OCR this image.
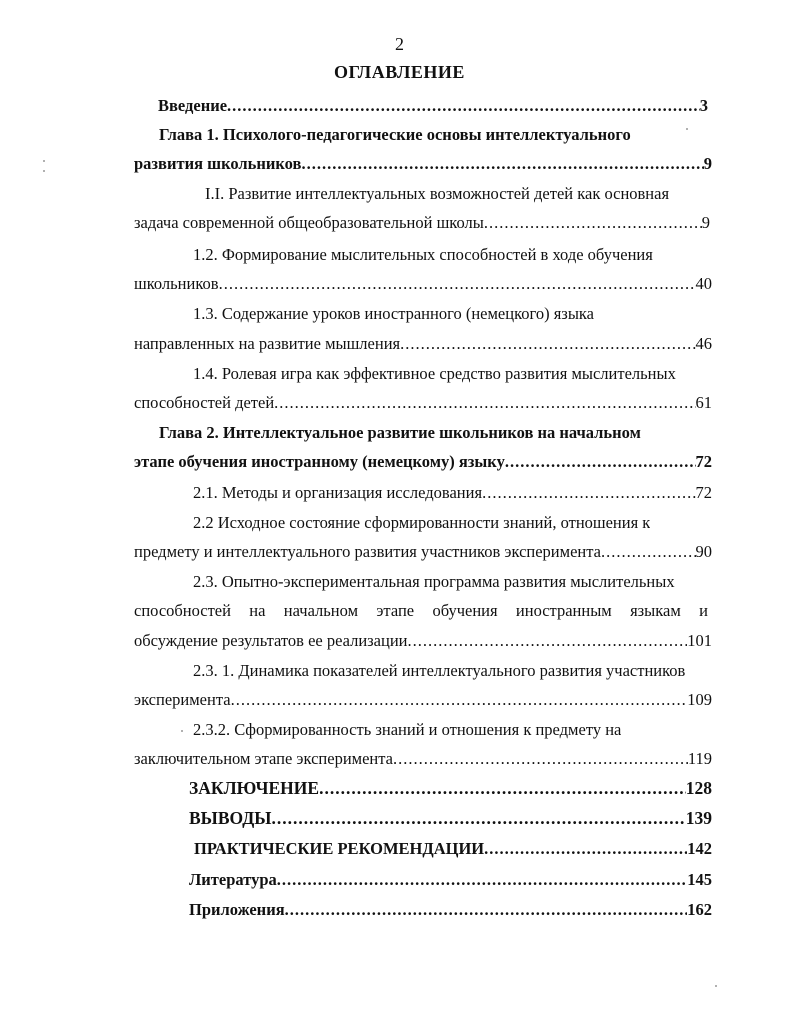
2
ОГЛАВЛЕНИЕ
Введение .....	3
Глава 1. Психолого-педагогические основы интеллектуального
развития школьников .....	9
I.I. Развитие интеллектуальных возможностей детей как основная
задача современной общеобразовательной школы .....	9
1.2. Формирование мыслительных способностей в ходе обучения
школьников .....	40
1.3. Содержание уроков иностранного (немецкого) языка
направленных на развитие мышления .....	46
1.4. Ролевая игра как эффективное средство развития мыслительных
способностей детей .....	61
Глава 2. Интеллектуальное развитие школьников на начальном
этапе обучения иностранному (немецкому) языку .....	72
2.1. Методы и организация исследования .....	72
2.2 Исходное состояние сформированности знаний, отношения к
предмету и интеллектуального развития участников эксперимента .....	90
2.3. Опытно-экспериментальная программа развития мыслительных
способностей на начальном этапе обучения иностранным языкам и
обсуждение результатов ее реализации .....	101
2.3. 1. Динамика показателей интеллектуального развития участников
эксперимента .....	109
2.3.2. Сформированность знаний и отношения к предмету на
заключительном этапе эксперимента .....	119
ЗАКЛЮЧЕНИЕ .....	128
ВЫВОДЫ .....	139
ПРАКТИЧЕСКИЕ РЕКОМЕНДАЦИИ .....	142
Литература .....	145
Приложения .....	162
